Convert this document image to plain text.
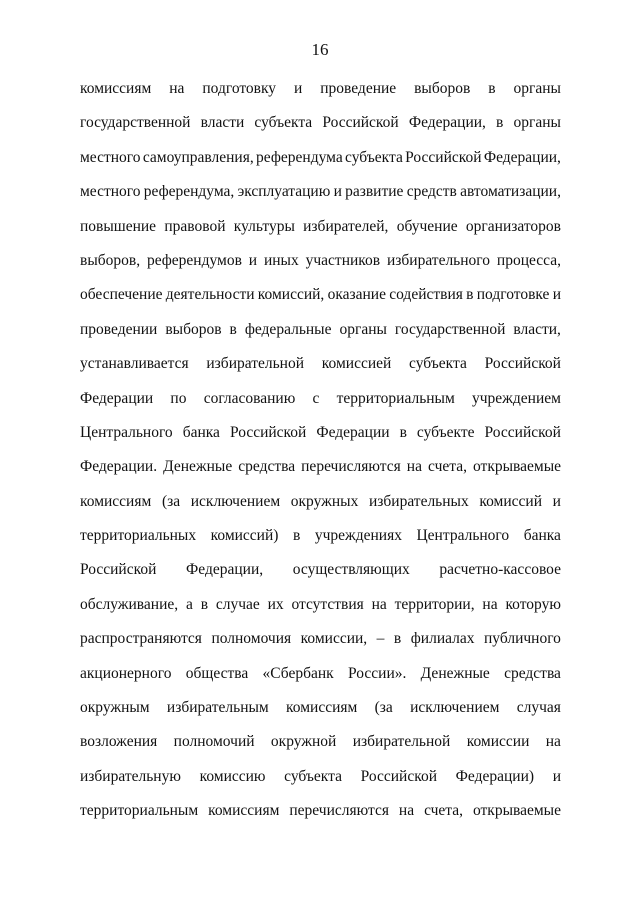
16
комиссиям на подготовку и проведение выборов в органы
государственной власти субъекта Российской Федерации, в органы
местного самоуправления, референдума субъекта Российской Федерации,
местного референдума, эксплуатацию и развитие средств автоматизации,
повышение правовой культуры избирателей, обучение организаторов
выборов, референдумов и иных участников избирательного процесса,
обеспечение деятельности комиссий, оказание содействия в подготовке и
проведении выборов в федеральные органы государственной власти,
устанавливается избирательной комиссией субъекта Российской
Федерации по согласованию с территориальным учреждением
Центрального банка Российской Федерации в субъекте Российской
Федерации. Денежные средства перечисляются на счета, открываемые
комиссиям (за исключением окружных избирательных комиссий и
территориальных комиссий) в учреждениях Центрального банка
Российской Федерации, осуществляющих расчетно-кассовое
обслуживание, а в случае их отсутствия на территории, на которую
распространяются полномочия комиссии, – в филиалах публичного
акционерного общества «Сбербанк России». Денежные средства
окружным избирательным комиссиям (за исключением случая
возложения полномочий окружной избирательной комиссии на
избирательную комиссию субъекта Российской Федерации) и
территориальным комиссиям перечисляются на счета, открываемые
